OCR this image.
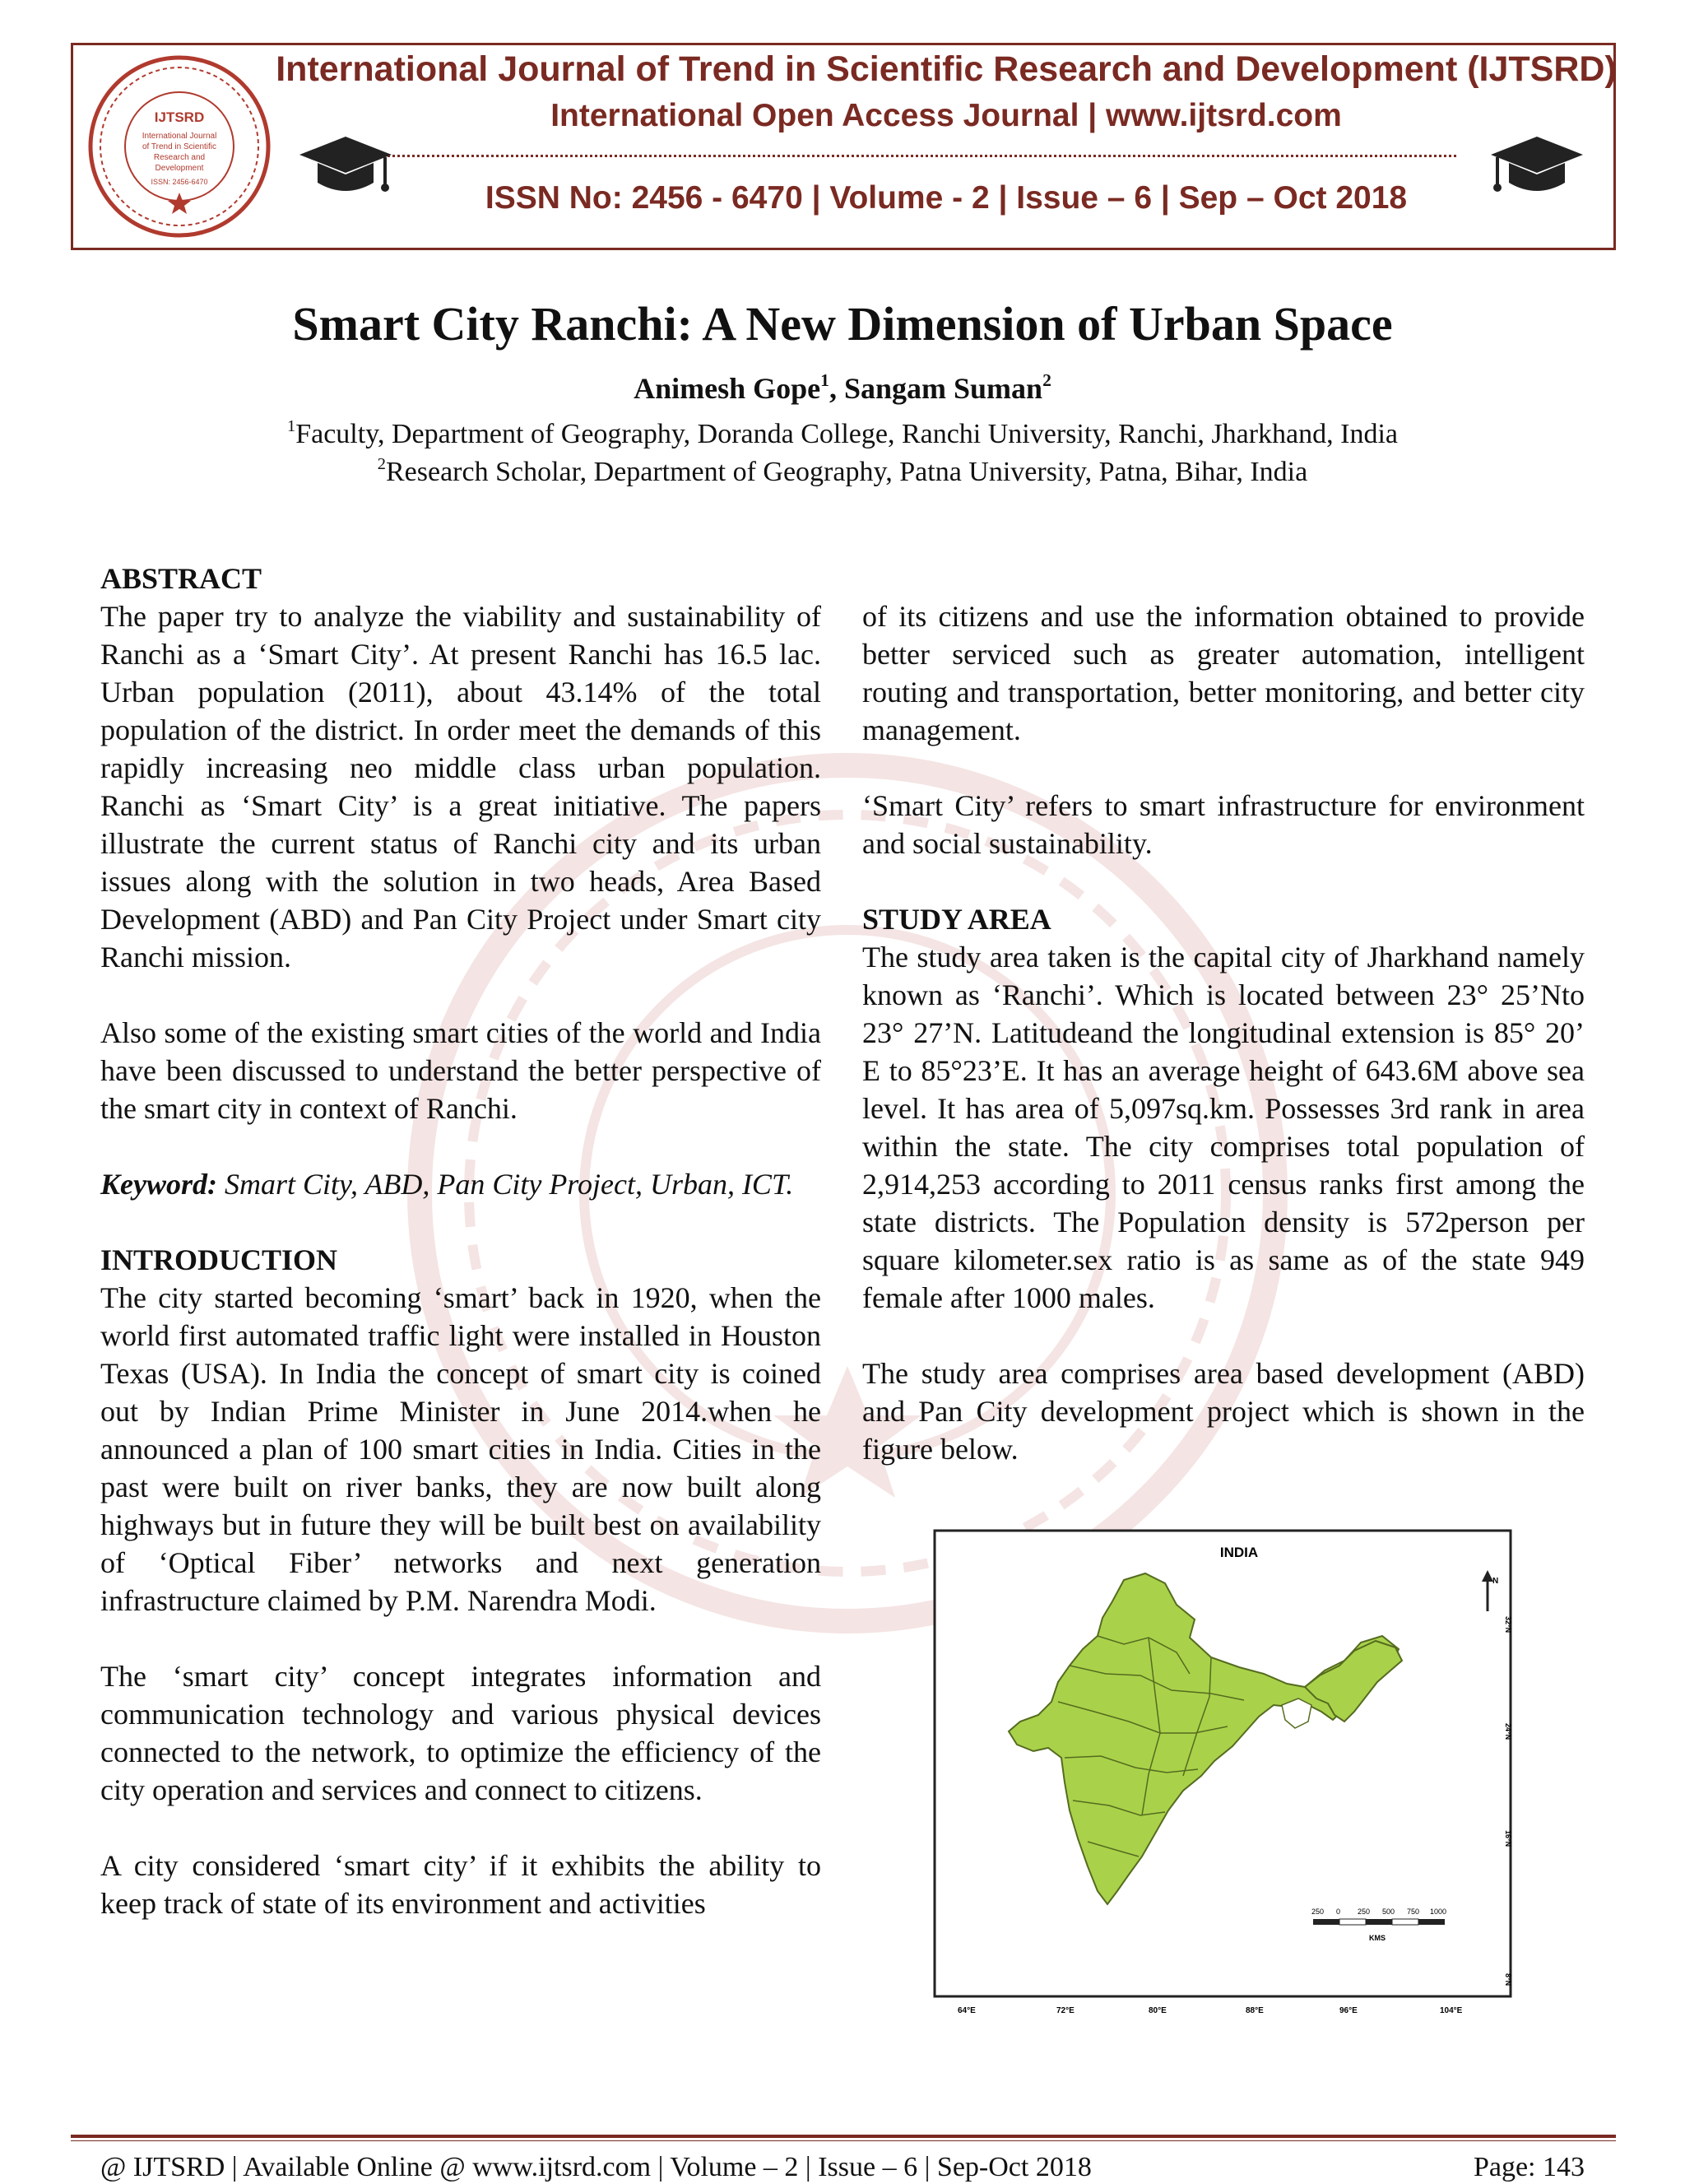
IJTSRD
International Journal
of Trend in Scientific
Research and
Development
ISSN: 2456-6470
International Journal of Trend in Scientific Research and Development (IJTSRD)
International Open Access Journal | www.ijtsrd.com
ISSN No: 2456 - 6470 | Volume - 2 | Issue – 6 | Sep – Oct 2018
Smart City Ranchi: A New Dimension of Urban Space
Animesh Gope$^1$, Sangam Suman$^2$
$^1$Faculty, Department of Geography, Doranda College, Ranchi University, Ranchi, Jharkhand, India
$^2$Research Scholar, Department of Geography, Patna University, Patna, Bihar, India

ABSTRACT

The paper try to analyze the viability and sustainability of Ranchi as a ‘Smart City’. At present Ranchi has 16.5 lac. Urban population (2011), about 43.14% of the total population of the district. In order meet the demands of this rapidly increasing neo middle class urban population. Ranchi as ‘Smart City’ is a great initiative. The papers illustrate the current status of Ranchi city and its urban issues along with the solution in two heads, Area Based Development (ABD) and Pan City Project under Smart city Ranchi mission.

Also some of the existing smart cities of the world and India have been discussed to understand the better perspective of the smart city in context of Ranchi.

Keyword: Smart City, ABD, Pan City Project, Urban, ICT.

INTRODUCTION

The city started becoming ‘smart’ back in 1920, when the world first automated traffic light were installed in Houston Texas (USA). In India the concept of smart city is coined out by Indian Prime Minister in June 2014.when he announced a plan of 100 smart cities in India. Cities in the past were built on river banks, they are now built along highways but in future they will be built best on availability of ‘Optical Fiber’ networks and next generation infrastructure claimed by P.M. Narendra Modi.

The ‘smart city’ concept integrates information and communication technology and various physical devices connected to the network, to optimize the efficiency of the city operation and services and connect to citizens.

A city considered ‘smart city’ if it exhibits the ability to keep track of state of its environment and activities

of its citizens and use the information obtained to provide better serviced such as greater automation, intelligent routing and transportation, better monitoring, and better city management.

‘Smart City’ refers to smart infrastructure for environment and social sustainability.

STUDY AREA

The study area taken is the capital city of Jharkhand namely known as ‘Ranchi’. Which is located between 23° 25’Nto 23° 27’N. Latitudeand the longitudinal extension is 85° 20’ E to 85°23’E. It has an average height of 643.6M above sea level. It has area of 5,097sq.km. Possesses 3rd rank in area within the state. The city comprises total population of 2,914,253 according to 2011 census ranks first among the state districts. The Population density is 572person per square kilometer.sex ratio is as same as of the state 949 female after 1000 males.

The study area comprises area based development (ABD) and Pan City development project which is shown in the figure below.

INDIA
N
250 0 250 500 750 1000
KMS
32°N
24°N
16°N
8°N
64°E	72°E	80°E	88°E	96°E	104°E
@ IJTSRD | Available Online @ www.ijtsrd.com | Volume – 2 | Issue – 6 | Sep-Oct 2018	Page: 143
